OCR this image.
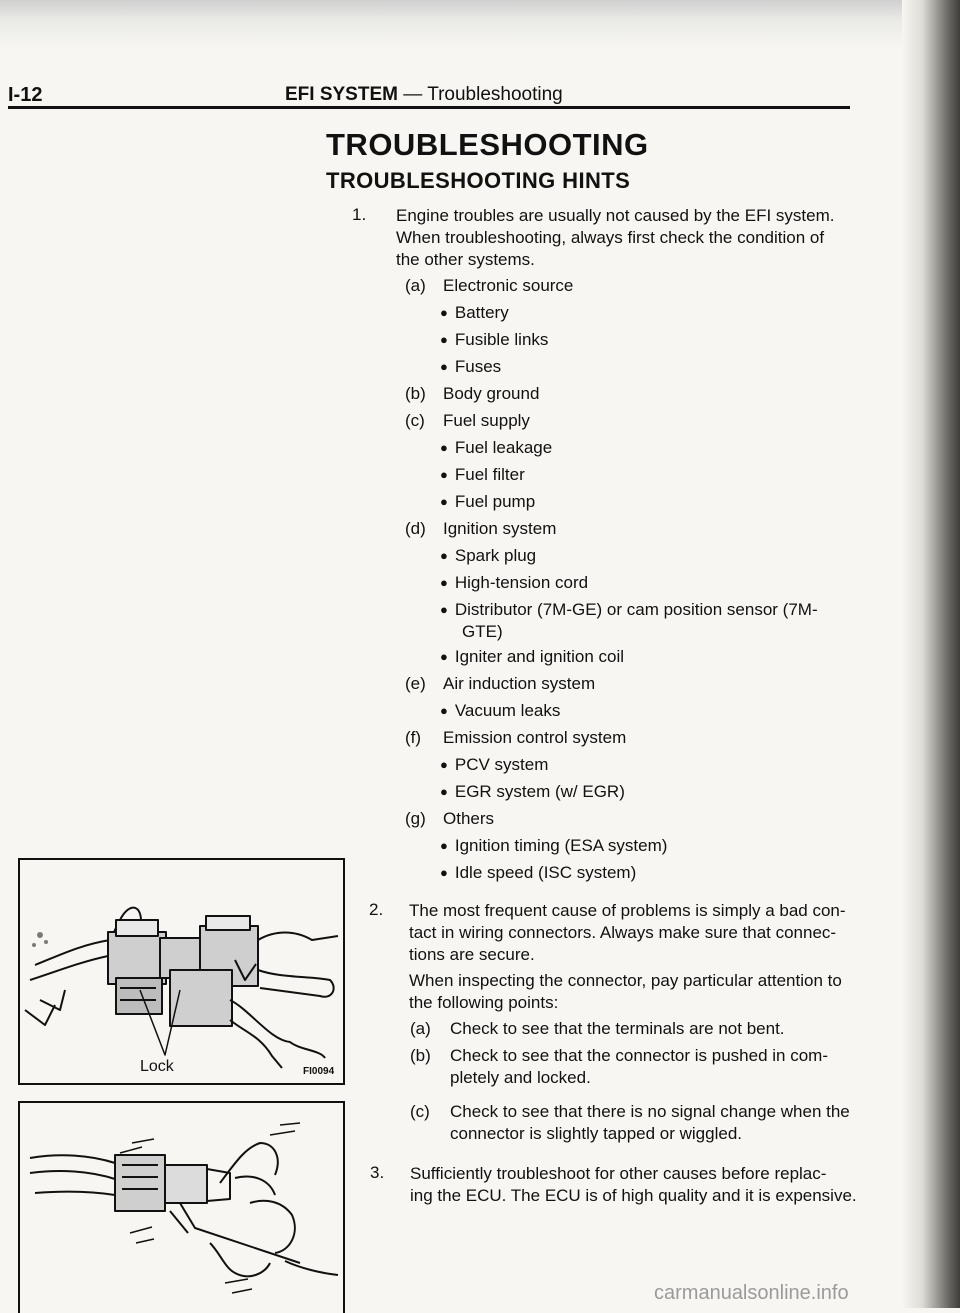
I-12	EFI SYSTEM — Troubleshooting
TROUBLESHOOTING
TROUBLESHOOTING HINTS
1. Engine troubles are usually not caused by the EFI system.
When troubleshooting, always first check the condition of
the other systems.
(a) Electronic source
● Battery
● Fusible links
● Fuses
(b) Body ground
(c) Fuel supply
● Fuel leakage
● Fuel filter
● Fuel pump
(d) Ignition system
● Spark plug
● High-tension cord
● Distributor (7M-GE) or cam position sensor (7M-
GTE)
● Igniter and ignition coil
(e) Air induction system
● Vacuum leaks
(f) Emission control system
● PCV system
● EGR system (w/ EGR)
(g) Others
● Ignition timing (ESA system)
● Idle speed (ISC system)
2. The most frequent cause of problems is simply a bad con-
tact in wiring connectors. Always make sure that connec-
tions are secure.
When inspecting the connector, pay particular attention to
the following points:
(a) Check to see that the terminals are not bent.
(b) Check to see that the connector is pushed in com-
pletely and locked.
(c) Check to see that there is no signal change when the
connector is slightly tapped or wiggled.
3. Sufficiently troubleshoot for other causes before replac-
ing the ECU. The ECU is of high quality and it is expensive.
Lock	FI0094
carmanualsonline.info
